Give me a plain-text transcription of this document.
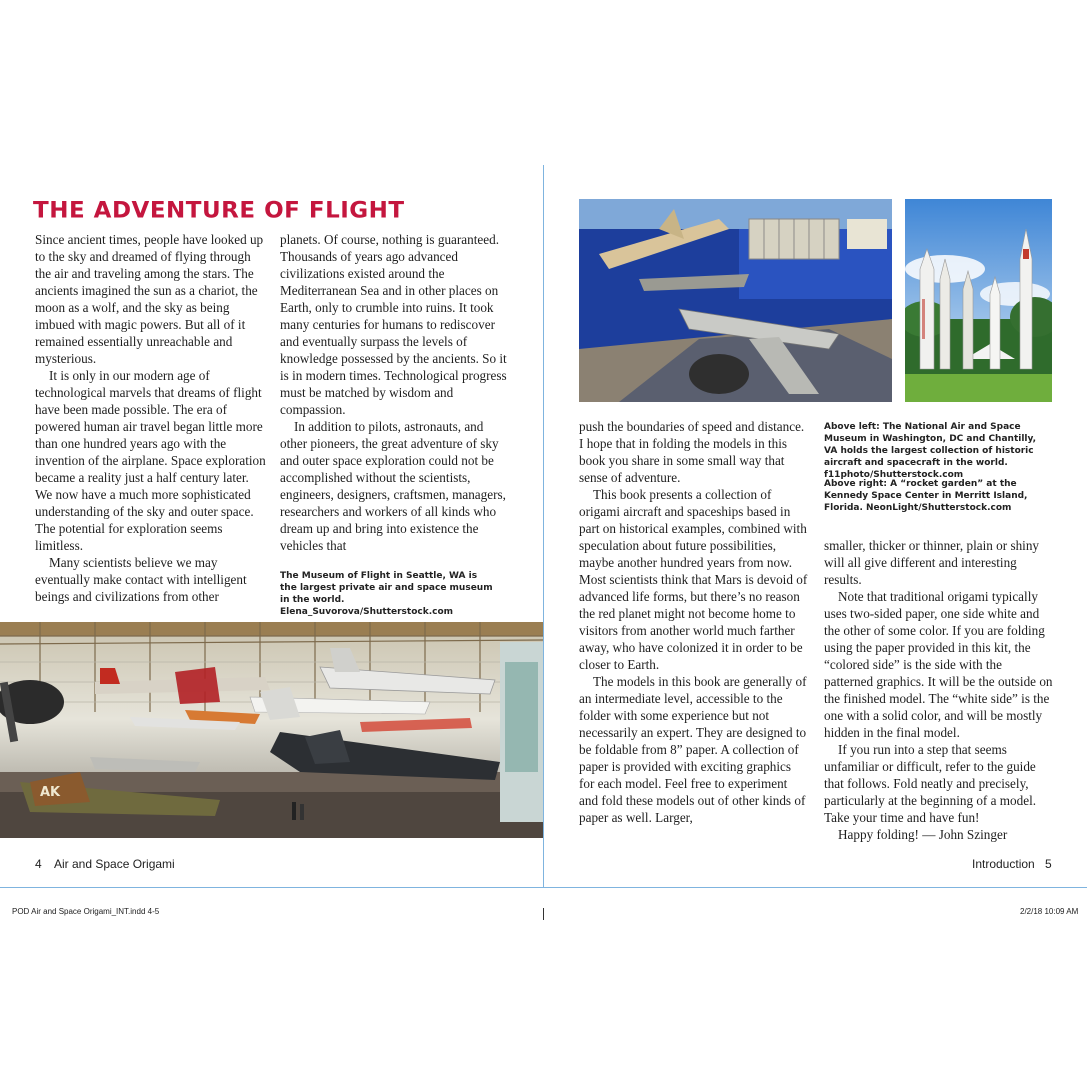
THE ADVENTURE OF FLIGHT

Since ancient times, people have looked up to the sky and dreamed of flying through the air and traveling among the stars. The ancients imagined the sun as a chariot, the moon as a wolf, and the sky as being imbued with magic powers. But all of it remained essentially unreachable and mysterious.

It is only in our modern age of technological marvels that dreams of flight have been made possible. The era of powered human air travel began little more than one hundred years ago with the invention of the airplane. Space exploration became a reality just a half century later. We now have a much more sophisticated understanding of the sky and outer space. The potential for exploration seems limitless.

Many scientists believe we may eventually make contact with intelligent beings and civilizations from other

planets. Of course, nothing is guaranteed. Thousands of years ago advanced civilizations existed around the Mediterranean Sea and in other places on Earth, only to crumble into ruins. It took many centuries for humans to rediscover and eventually surpass the levels of knowledge possessed by the ancients. So it is in modern times. Technological progress must be matched by wisdom and compassion.

In addition to pilots, astronauts, and other pioneers, the great adventure of sky and outer space exploration could not be accomplished without the scientists, engineers, designers, craftsmen, managers, researchers and workers of all kinds who dream up and bring into existence the vehicles that

The Museum of Flight in Seattle, WA is the largest private air and space museum in the world. Elena_Suvorova/Shutterstock.com
AK
4 Air and Space Origami
Above left: The National Air and Space Museum in Washington, DC and Chantilly, VA holds the largest collection of historic aircraft and spacecraft in the world. f11photo/Shutterstock.com
Above right: A “rocket garden” at the Kennedy Space Center in Merritt Island, Florida. NeonLight/Shutterstock.com

push the boundaries of speed and distance. I hope that in folding the models in this book you share in some small way that sense of adventure.

This book presents a collection of origami aircraft and spaceships based in part on historical examples, combined with speculation about future possibilities, maybe another hundred years from now. Most scientists think that Mars is devoid of advanced life forms, but there’s no reason the red planet might not become home to visitors from another world much farther away, who have colonized it in order to be closer to Earth.

The models in this book are generally of an intermediate level, accessible to the folder with some experience but not necessarily an expert. They are designed to be foldable from 8” paper. A collection of paper is provided with exciting graphics for each model. Feel free to experiment and fold these models out of other kinds of paper as well. Larger,

smaller, thicker or thinner, plain or shiny will all give different and interesting results.

Note that traditional origami typically uses two-sided paper, one side white and the other of some color. If you are folding using the paper provided in this kit, the “colored side” is the side with the patterned graphics. It will be the outside on the finished model. The “white side” is the one with a solid color, and will be mostly hidden in the final model.

If you run into a step that seems unfamiliar or difficult, refer to the guide that follows. Fold neatly and precisely, particularly at the beginning of a model. Take your time and have fun!

Happy folding! — John Szinger

Introduction 5
POD Air and Space Origami_INT.indd 4-5	2/2/18 10:09 AM
